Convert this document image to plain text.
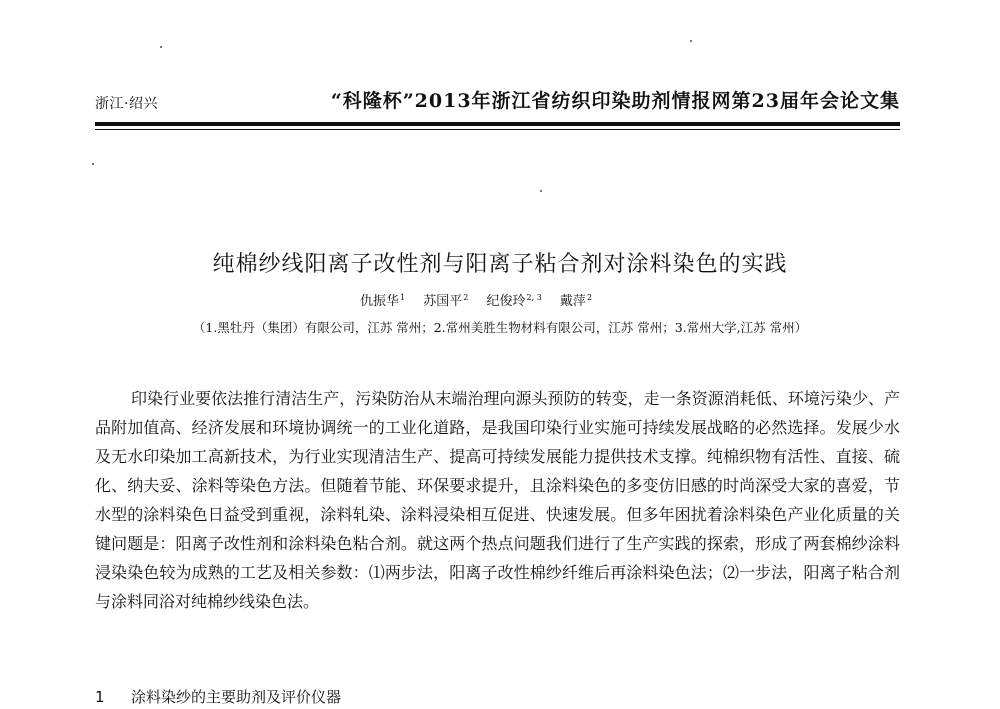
浙江·绍兴	“科隆杯”2013年浙江省纺织印染助剂情报网第23届年会论文集
纯棉纱线阳离子改性剂与阳离子粘合剂对涂料染色的实践
仇振华$^1$ 苏国平$^2$ 纪俊玲$^{2, 3}$ 戴萍$^2$
（1.黑牡丹（集团）有限公司，江苏 常州；2.常州美胜生物材料有限公司，江苏 常州；3.常州大学,江苏 常州）

印染行业要依法推行清洁生产，污染防治从末端治理向源头预防的转变，走一条资源消耗低、环境污染少、产品附加值高、经济发展和环境协调统一的工业化道路，是我国印染行业实施可持续发展战略的必然选择。发展少水及无水印染加工高新技术，为行业实现清洁生产、提高可持续发展能力提供技术支撑。纯棉织物有活性、直接、硫化、纳夫妥、涂料等染色方法。但随着节能、环保要求提升，且涂料染色的多变仿旧感的时尚深受大家的喜爱，节水型的涂料染色日益受到重视，涂料轧染、涂料浸染相互促进、快速发展。但多年困扰着涂料染色产业化质量的关键问题是：阳离子改性剂和涂料染色粘合剂。就这两个热点问题我们进行了生产实践的探索，形成了两套棉纱涂料浸染染色较为成熟的工艺及相关参数：⑴两步法，阳离子改性棉纱纤维后再涂料染色法；⑵一步法，阳离子粘合剂与涂料同浴对纯棉纱线染色法。

1 涂料染纱的主要助剂及评价仪器
